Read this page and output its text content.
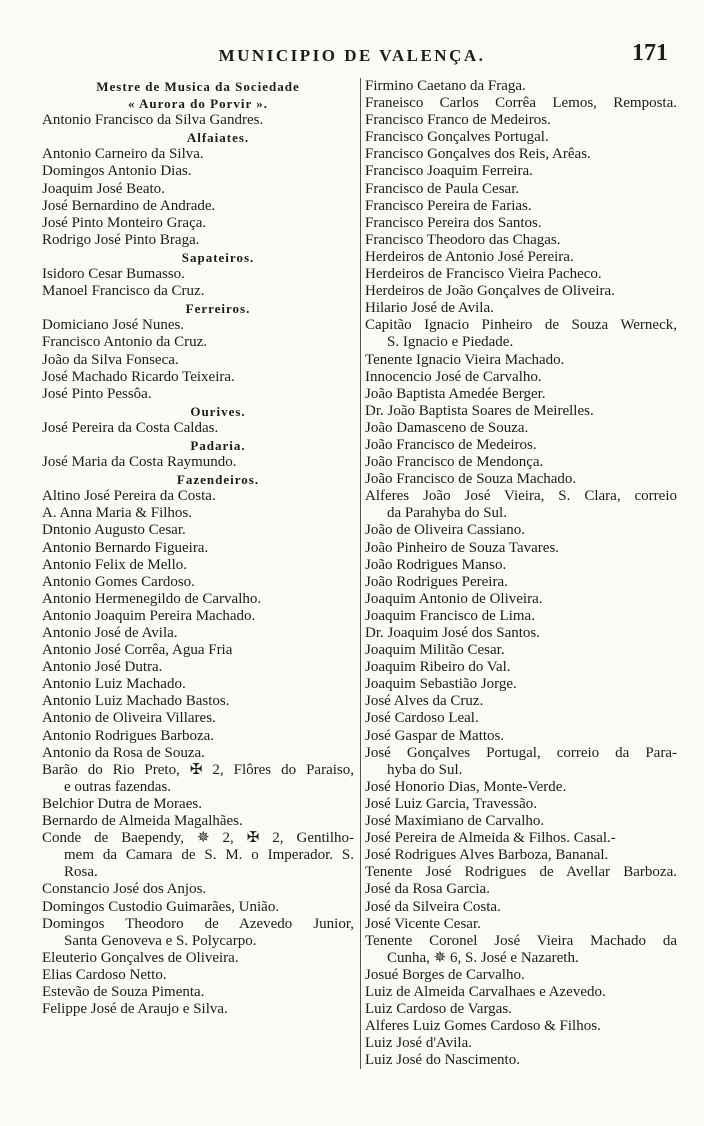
MUNICIPIO DE VALENÇA.	171
Mestre de Musica da Sociedade
« Aurora do Porvir ».
Antonio Francisco da Silva Gandres.
Alfaiates.
Antonio Carneiro da Silva.
Domingos Antonio Dias.
Joaquim José Beato.
José Bernardino de Andrade.
José Pinto Monteiro Graça.
Rodrigo José Pinto Braga.
Sapateiros.
Isidoro Cesar Bumasso.
Manoel Francisco da Cruz.
Ferreiros.
Domiciano José Nunes.
Francisco Antonio da Cruz.
João da Silva Fonseca.
José Machado Ricardo Teixeira.
José Pinto Pessôa.
Ourives.
José Pereira da Costa Caldas.
Padaria.
José Maria da Costa Raymundo.
Fazendeiros.
Altino José Pereira da Costa.
A. Anna Maria & Filhos.
Dntonio Augusto Cesar.
Antonio Bernardo Figueira.
Antonio Felix de Mello.
Antonio Gomes Cardoso.
Antonio Hermenegildo de Carvalho.
Antonio Joaquim Pereira Machado.
Antonio José de Avila.
Antonio José Corrêa, Agua Fria
Antonio José Dutra.
Antonio Luiz Machado.
Antonio Luiz Machado Bastos.
Antonio de Oliveira Villares.
Antonio Rodrigues Barboza.
Antonio da Rosa de Souza.
Barão do Rio Preto, ✠ 2, Flôres do Paraiso,
e outras fazendas.
Belchior Dutra de Moraes.
Bernardo de Almeida Magalhães.
Conde de Baependy, ✵ 2, ✠ 2, Gentilho-
mem da Camara de S. M. o Imperador. S.
Rosa.
Constancio José dos Anjos.
Domingos Custodio Guimarães, União.
Domingos Theodoro de Azevedo Junior,
Santa Genoveva e S. Polycarpo.
Eleuterio Gonçalves de Oliveira.
Elias Cardoso Netto.
Estevão de Souza Pimenta.
Felippe José de Araujo e Silva.
Firmino Caetano da Fraga.
Franeisco Carlos Corrêa Lemos, Remposta.
Francisco Franco de Medeiros.
Francisco Gonçalves Portugal.
Francisco Gonçalves dos Reis, Arêas.
Francisco Joaquim Ferreira.
Francisco de Paula Cesar.
Francisco Pereira de Farias.
Francisco Pereira dos Santos.
Francisco Theodoro das Chagas.
Herdeiros de Antonio José Pereira.
Herdeiros de Francisco Vieira Pacheco.
Herdeiros de João Gonçalves de Oliveira.
Hilario José de Avila.
Capitão Ignacio Pinheiro de Souza Werneck,
S. Ignacio e Piedade.
Tenente Ignacio Vieira Machado.
Innocencio José de Carvalho.
João Baptista Amedée Berger.
Dr. João Baptista Soares de Meirelles.
João Damasceno de Souza.
João Francisco de Medeiros.
João Francisco de Mendonça.
João Francisco de Souza Machado.
Alferes João José Vieira, S. Clara, correio
da Parahyba do Sul.
João de Oliveira Cassiano.
João Pinheiro de Souza Tavares.
João Rodrigues Manso.
João Rodrigues Pereira.
Joaquim Antonio de Oliveira.
Joaquim Francisco de Lima.
Dr. Joaquim José dos Santos.
Joaquim Militão Cesar.
Joaquim Ribeiro do Val.
Joaquim Sebastião Jorge.
José Alves da Cruz.
José Cardoso Leal.
José Gaspar de Mattos.
José Gonçalves Portugal, correio da Para-
hyba do Sul.
José Honorio Dias, Monte-Verde.
José Luiz Garcia, Travessão.
José Maximiano de Carvalho.
José Pereira de Almeida & Filhos. Casal.-
José Rodrigues Alves Barboza, Bananal.
Tenente José Rodrigues de Avellar Barboza.
José da Rosa Garcia.
José da Silveira Costa.
José Vicente Cesar.
Tenente Coronel José Vieira Machado da
Cunha, ✵ 6, S. José e Nazareth.
Josué Borges de Carvalho.
Luiz de Almeida Carvalhaes e Azevedo.
Luiz Cardoso de Vargas.
Alferes Luiz Gomes Cardoso & Filhos.
Luiz José d'Avila.
Luiz José do Nascimento.
